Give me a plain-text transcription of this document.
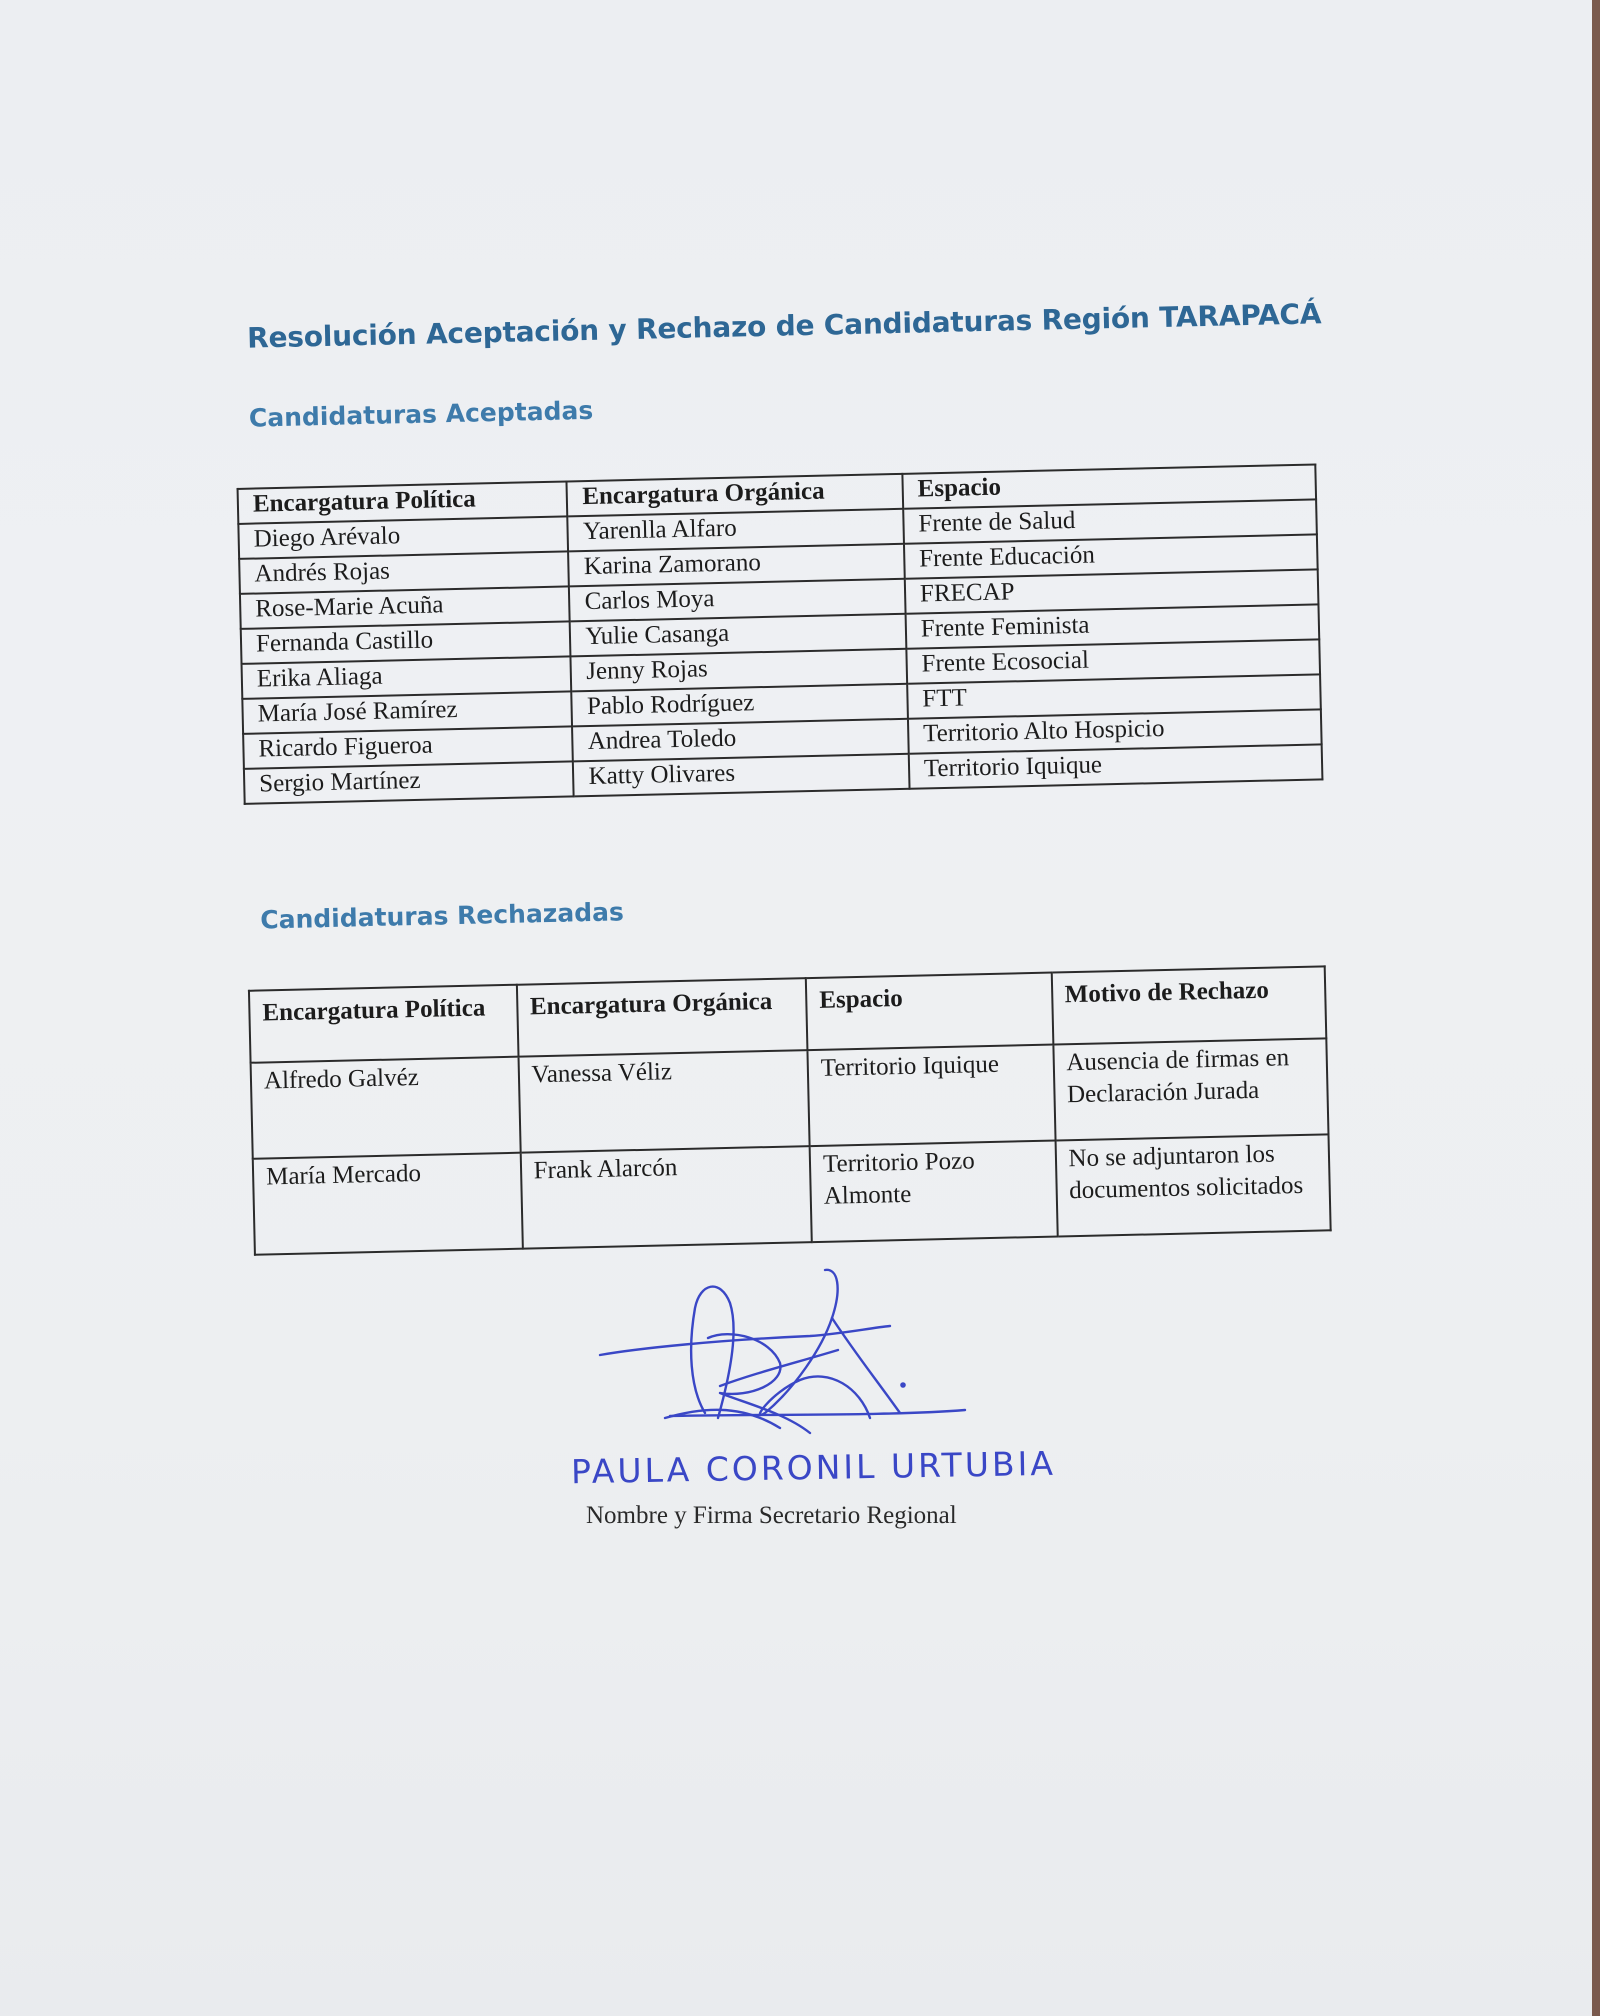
Resolución Aceptación y Rechazo de Candidaturas Región TARAPACÁ
Candidaturas Aceptadas
Encargatura Política	Encargatura Orgánica	Espacio
Diego Arévalo	Yarenlla Alfaro	Frente de Salud
Andrés Rojas	Karina Zamorano	Frente Educación
Rose-Marie Acuña	Carlos Moya	FRECAP
Fernanda Castillo	Yulie Casanga	Frente Feminista
Erika Aliaga	Jenny Rojas	Frente Ecosocial
María José Ramírez	Pablo Rodríguez	FTT
Ricardo Figueroa	Andrea Toledo	Territorio Alto Hospicio
Sergio Martínez	Katty Olivares	Territorio Iquique
Candidaturas Rechazadas
Encargatura Política	Encargatura Orgánica	Espacio	Motivo de Rechazo
Alfredo Galvéz	Vanessa Véliz	Territorio Iquique	Ausencia de firmas en Declaración Jurada
María Mercado	Frank Alarcón	Territorio Pozo Almonte	No se adjuntaron los documentos solicitados

PAULA CORONIL URTUBIA

Nombre y Firma Secretario Regional
